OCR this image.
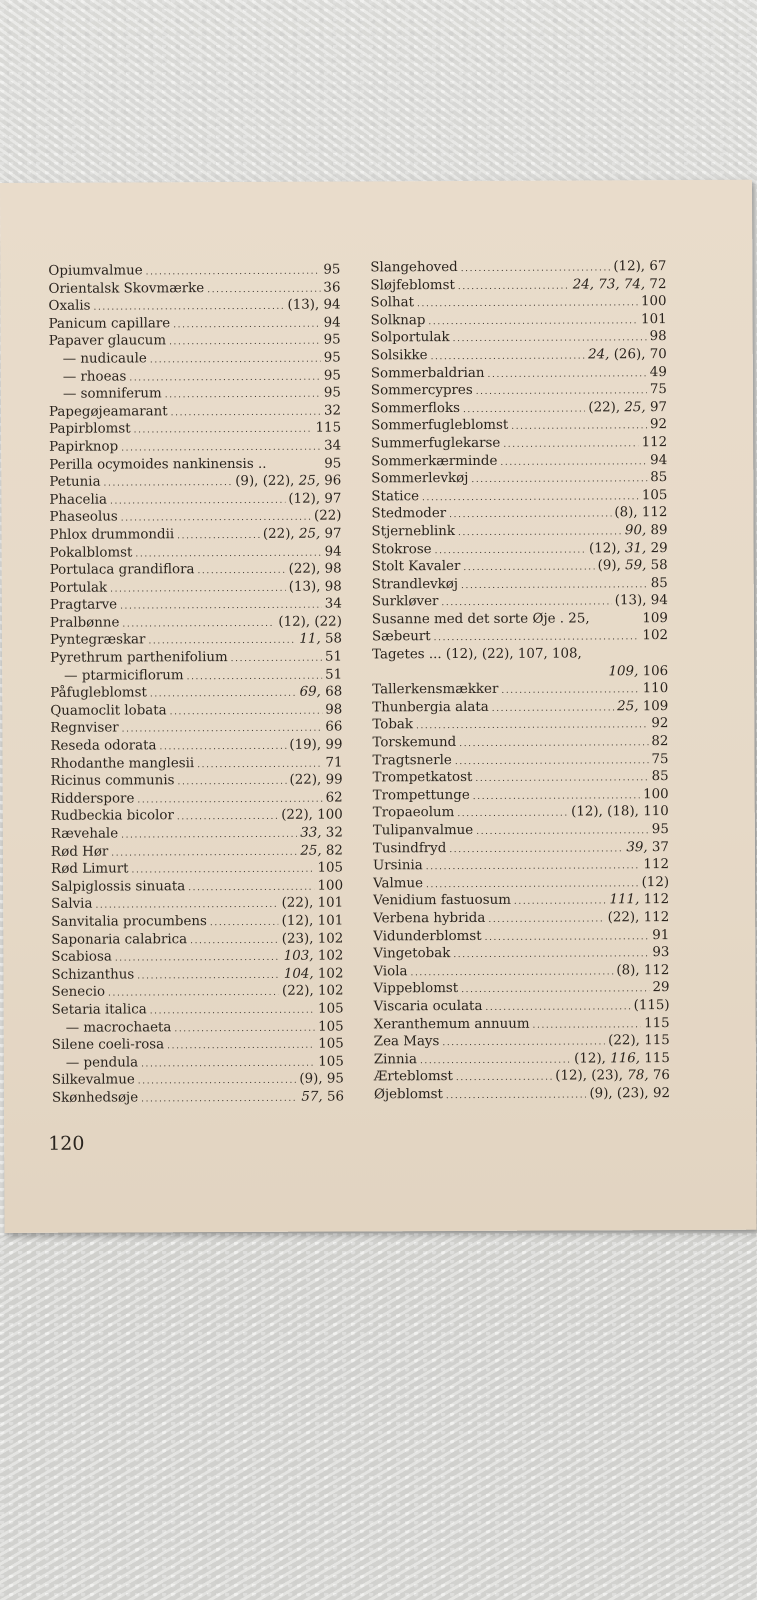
Opiumvalmue .....	95
Orientalsk Skovmærke .....	36
Oxalis .....	(13), 94
Panicum capillare .....	94
Papaver glaucum .....	95
— nudicaule .....	95
— rhoeas .....	95
— somniferum .....	95
Papegøjeamarant .....	32
Papirblomst .....	115
Papirknop .....	34
Perilla ocymoides nankinensis ..	95
Petunia .....	(9), (22), 25, 96
Phacelia .....	(12), 97
Phaseolus .....	(22)
Phlox drummondii .....	(22), 25, 97
Pokalblomst .....	94
Portulaca grandiflora .....	(22), 98
Portulak .....	(13), 98
Pragtarve .....	34
Pralbønne .....	(12), (22)
Pyntegræskar .....	11, 58
Pyrethrum parthenifolium .....	51
— ptarmiciflorum .....	51
Påfugleblomst .....	69, 68
Quamoclit lobata .....	98
Regnviser .....	66
Reseda odorata .....	(19), 99
Rhodanthe manglesii .....	71
Ricinus communis .....	(22), 99
Ridderspore .....	62
Rudbeckia bicolor .....	(22), 100
Rævehale .....	33, 32
Rød Hør .....	25, 82
Rød Limurt .....	105
Salpiglossis sinuata .....	100
Salvia .....	(22), 101
Sanvitalia procumbens .....	(12), 101
Saponaria calabrica .....	(23), 102
Scabiosa .....	103, 102
Schizanthus .....	104, 102
Senecio .....	(22), 102
Setaria italica .....	105
— macrochaeta .....	105
Silene coeli-rosa .....	105
— pendula .....	105
Silkevalmue .....	(9), 95
Skønhedsøje .....	57, 56
Slangehoved .....	(12), 67
Sløjfeblomst .....	24, 73, 74, 72
Solhat .....	100
Solknap .....	101
Solportulak .....	98
Solsikke .....	24, (26), 70
Sommerbaldrian .....	49
Sommercypres .....	75
Sommerfloks .....	(22), 25, 97
Sommerfugleblomst .....	92
Summerfuglekarse .....	112
Sommerkærminde .....	94
Sommerlevkøj .....	85
Statice .....	105
Stedmoder .....	(8), 112
Stjerneblink .....	90, 89
Stokrose .....	(12), 31, 29
Stolt Kavaler .....	(9), 59, 58
Strandlevkøj .....	85
Surkløver .....	(13), 94
Susanne med det sorte Øje . 25,	109
Sæbeurt .....	102
Tagetes ... (12), (22), 107, 108,
109, 106
Tallerkensmækker .....	110
Thunbergia alata .....	25, 109
Tobak .....	92
Torskemund .....	82
Tragtsnerle .....	75
Trompetkatost .....	85
Trompettunge .....	100
Tropaeolum .....	(12), (18), 110
Tulipanvalmue .....	95
Tusindfryd .....	39, 37
Ursinia .....	112
Valmue .....	(12)
Venidium fastuosum .....	111, 112
Verbena hybrida .....	(22), 112
Vidunderblomst .....	91
Vingetobak .....	93
Viola .....	(8), 112
Vippeblomst .....	29
Viscaria oculata .....	(115)
Xeranthemum annuum .....	115
Zea Mays .....	(22), 115
Zinnia .....	(12), 116, 115
Ærteblomst .....	(12), (23), 78, 76
Øjeblomst .....	(9), (23), 92
120
